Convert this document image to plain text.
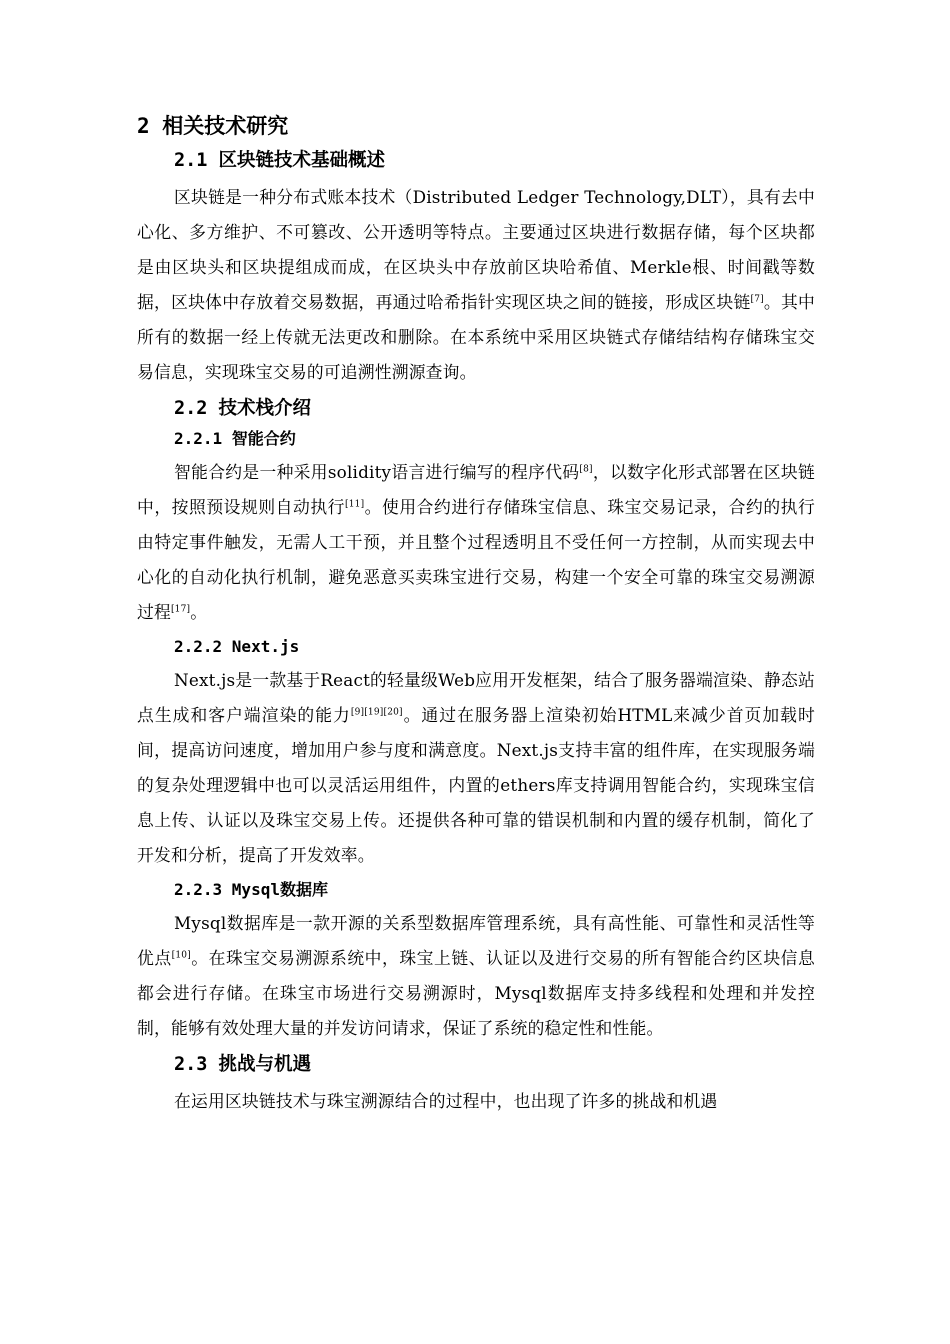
2 相关技术研究
2.1 区块链技术基础概述

区块链是一种分布式账本技术（Distributed Ledger Technology,DLT），具有去中心化、多方维护、不可篡改、公开透明等特点。主要通过区块进行数据存储，每个区块都是由区块头和区块提组成而成，在区块头中存放前区块哈希值、Merkle根、时间戳等数据，区块体中存放着交易数据，再通过哈希指针实现区块之间的链接，形成区块链[7]。其中所有的数据一经上传就无法更改和删除。在本系统中采用区块链式存储结结构存储珠宝交易信息，实现珠宝交易的可追溯性溯源查询。

2.2 技术栈介绍
2.2.1 智能合约

智能合约是一种采用solidity语言进行编写的程序代码[8]，以数字化形式部署在区块链中，按照预设规则自动执行[11]。使用合约进行存储珠宝信息、珠宝交易记录，合约的执行由特定事件触发，无需人工干预，并且整个过程透明且不受任何一方控制，从而实现去中心化的自动化执行机制，避免恶意买卖珠宝进行交易，构建一个安全可靠的珠宝交易溯源过程[17]。

2.2.2 Next.js

Next.js是一款基于React的轻量级Web应用开发框架，结合了服务器端渲染、静态站点生成和客户端渲染的能力[9][19][20]。通过在服务器上渲染初始HTML来减少首页加载时间，提高访问速度，增加用户参与度和满意度。Next.js支持丰富的组件库，在实现服务端的复杂处理逻辑中也可以灵活运用组件，内置的ethers库支持调用智能合约，实现珠宝信息上传、认证以及珠宝交易上传。还提供各种可靠的错误机制和内置的缓存机制，简化了开发和分析，提高了开发效率。

2.2.3 Mysql数据库

Mysql数据库是一款开源的关系型数据库管理系统，具有高性能、可靠性和灵活性等优点[10]。在珠宝交易溯源系统中，珠宝上链、认证以及进行交易的所有智能合约区块信息都会进行存储。在珠宝市场进行交易溯源时，Mysql数据库支持多线程和处理和并发控制，能够有效处理大量的并发访问请求，保证了系统的稳定性和性能。

2.3 挑战与机遇

在运用区块链技术与珠宝溯源结合的过程中，也出现了许多的挑战和机遇
